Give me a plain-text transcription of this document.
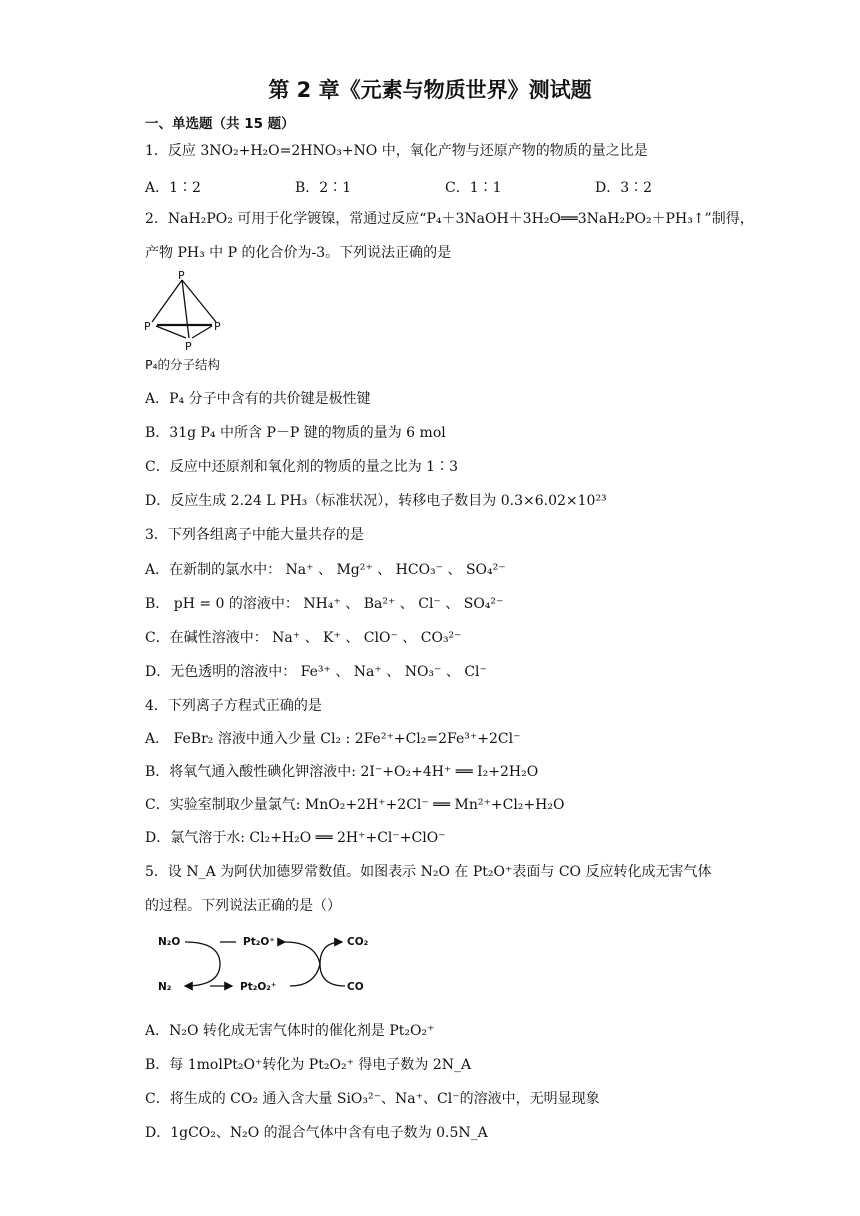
第 2 章《元素与物质世界》测试题
一、单选题（共 15 题）
1．反应 3NO₂+H₂O=2HNO₃+NO 中，氧化产物与还原产物的物质的量之比是
A．1∶2	B．2∶1	C．1∶1	D．3∶2
2．NaH₂PO₂ 可用于化学镀镍，常通过反应“P₄＋3NaOH＋3H₂O══3NaH₂PO₂＋PH₃↑”制得，
产物 PH₃ 中 P 的化合价为-3。下列说法正确的是
P
P	P
P
P₄的分子结构
A．P₄ 分子中含有的共价键是极性键
B．31g P₄ 中所含 P－P 键的物质的量为 6 mol
C．反应中还原剂和氧化剂的物质的量之比为 1∶3
D．反应生成 2.24 L PH₃（标准状况），转移电子数目为 0.3×6.02×10²³
3．下列各组离子中能大量共存的是
A．在新制的氯水中： Na⁺ 、 Mg²⁺ 、 HCO₃⁻ 、 SO₄²⁻
B． pH = 0 的溶液中： NH₄⁺ 、 Ba²⁺ 、 Cl⁻ 、 SO₄²⁻
C．在碱性溶液中： Na⁺ 、 K⁺ 、 ClO⁻ 、 CO₃²⁻
D．无色透明的溶液中： Fe³⁺ 、 Na⁺ 、 NO₃⁻ 、 Cl⁻
4．下列离子方程式正确的是
A． FeBr₂ 溶液中通入少量 Cl₂ : 2Fe²⁺+Cl₂=2Fe³⁺+2Cl⁻
B．将氧气通入酸性碘化钾溶液中: 2I⁻+O₂+4H⁺ ══ I₂+2H₂O
C．实验室制取少量氯气: MnO₂+2H⁺+2Cl⁻ ══ Mn²⁺+Cl₂+H₂O
D．氯气溶于水: Cl₂+H₂O ══ 2H⁺+Cl⁻+ClO⁻
5．设 N_A 为阿伏加德罗常数值。如图表示 N₂O 在 Pt₂O⁺表面与 CO 反应转化成无害气体
的过程。下列说法正确的是（）
N₂O
N₂
Pt₂O⁺
Pt₂O₂⁺
CO₂
CO
A．N₂O 转化成无害气体时的催化剂是 Pt₂O₂⁺
B．每 1molPt₂O⁺转化为 Pt₂O₂⁺ 得电子数为 2N_A
C．将生成的 CO₂ 通入含大量 SiO₃²⁻、Na⁺、Cl⁻的溶液中，无明显现象
D．1gCO₂、N₂O 的混合气体中含有电子数为 0.5N_A
